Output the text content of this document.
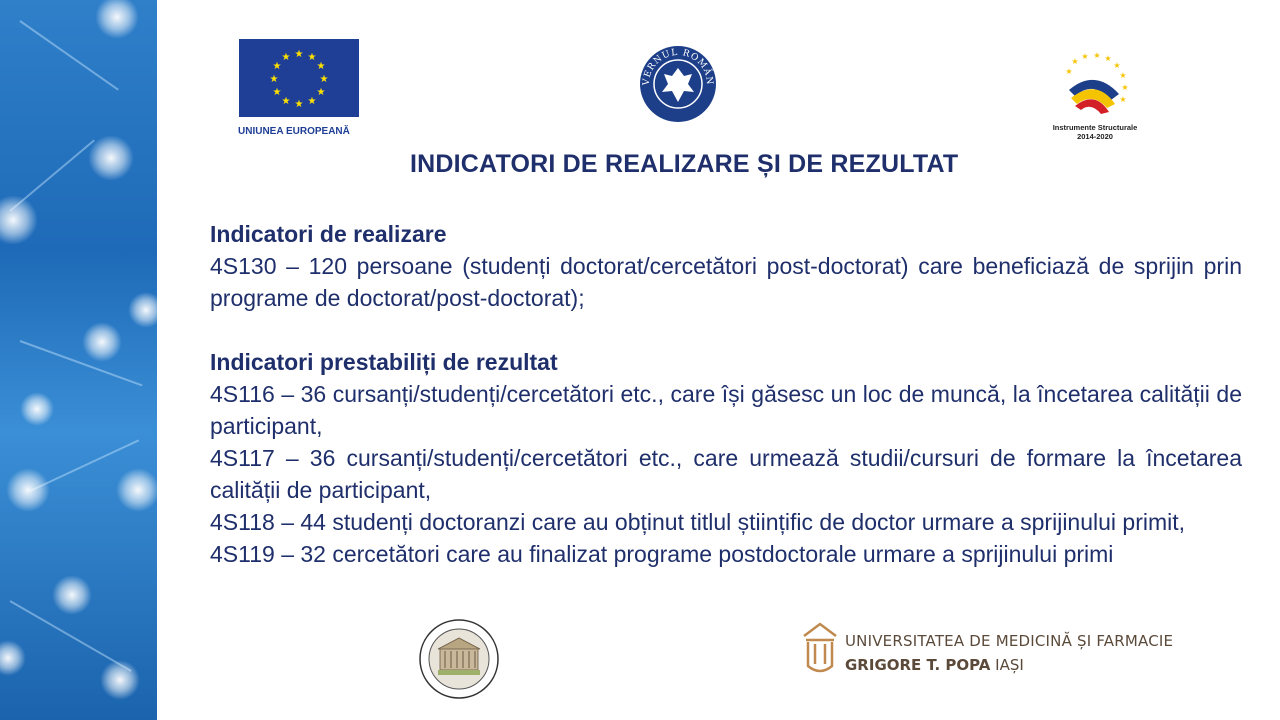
★ ★
★
★
★
★
★
★
★
★
★
★
UNIUNEA EUROPEANĂ
VERNUL ROMÂN
★
★ ★ ★
★
★
★
★
★
Instrumente Structurale
2014-2020
INDICATORI DE REALIZARE ȘI DE REZULTAT

Indicatori de realizare

4S130 – 120 persoane (studenți doctorat/cercetători post-doctorat) care beneficiază de sprijin prin programe de doctorat/post-doctorat);

Indicatori prestabiliți de rezultat

4S116 – 36 cursanți/studenți/cercetători etc., care își găsesc un loc de muncă, la încetarea calității de participant,

4S117 – 36 cursanți/studenți/cercetători etc., care urmează studii/cursuri de formare la încetarea calității de participant,

4S118 – 44 studenți doctoranzi care au obținut titlul științific de doctor urmare a sprijinului primit,

4S119 – 32 cercetători care au finalizat programe postdoctorale urmare a sprijinului primi

UNIVERSITATEA DE MEDICINĂ ȘI FARMACIE
GRIGORE T. POPA IAȘI
